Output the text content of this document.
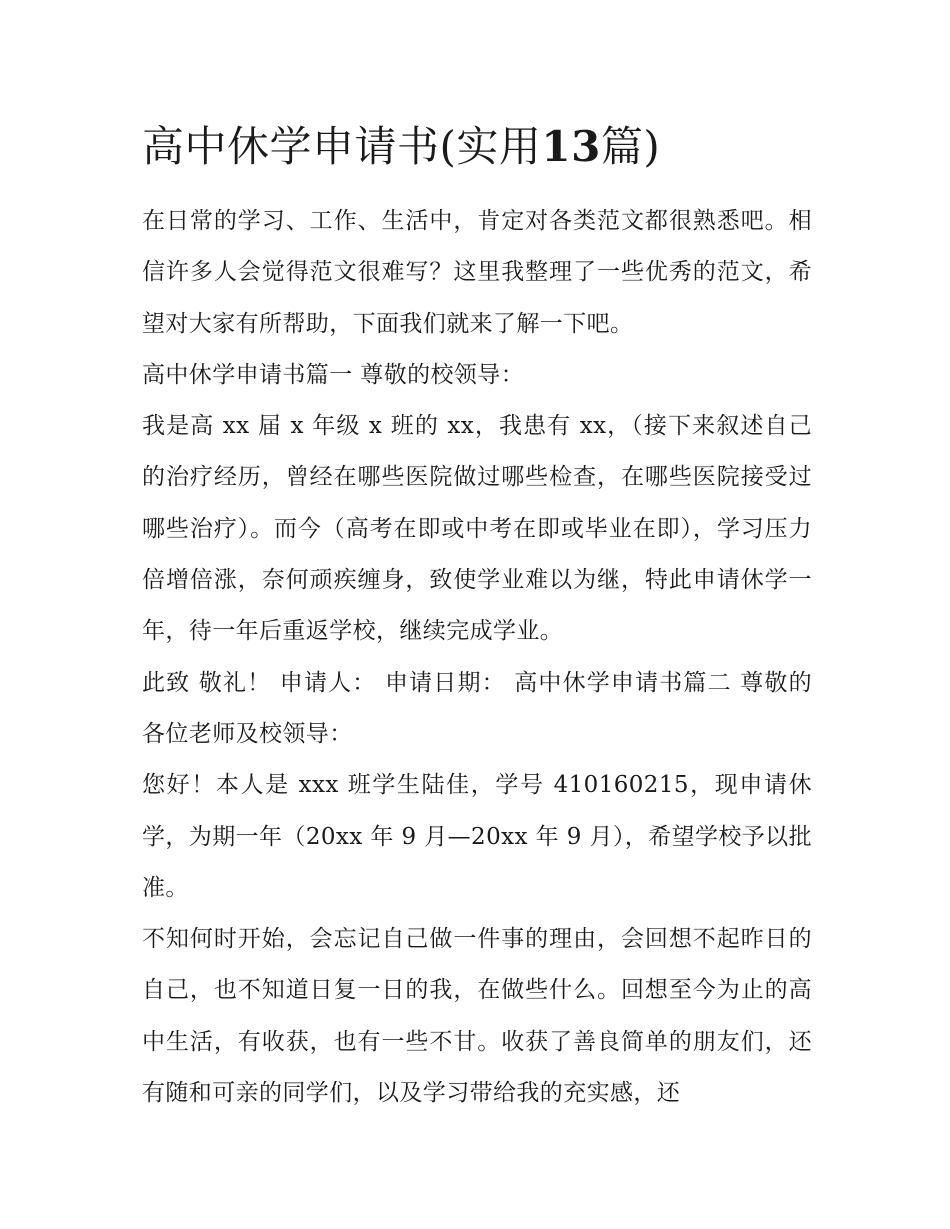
高中休学申请书(实用13篇)

在日常的学习、工作、生活中，肯定对各类范文都很熟悉吧。相信许多人会觉得范文很难写？这里我整理了一些优秀的范文，希望对大家有所帮助，下面我们就来了解一下吧。

高中休学申请书篇一 尊敬的校领导：

我是高 xx 届 x 年级 x 班的 xx，我患有 xx，（接下来叙述自己的治疗经历，曾经在哪些医院做过哪些检查，在哪些医院接受过哪些治疗）。而今（高考在即或中考在即或毕业在即），学习压力倍增倍涨，奈何顽疾缠身，致使学业难以为继，特此申请休学一年，待一年后重返学校，继续完成学业。

此致 敬礼！ 申请人： 申请日期： 高中休学申请书篇二 尊敬的各位老师及校领导：

您好！本人是 xxx 班学生陆佳，学号 410160215，现申请休学，为期一年（20xx 年 9 月—20xx 年 9 月），希望学校予以批准。

不知何时开始，会忘记自己做一件事的理由，会回想不起昨日的自己，也不知道日复一日的我，在做些什么。回想至今为止的高中生活，有收获，也有一些不甘。收获了善良简单的朋友们，还有随和可亲的同学们，以及学习带给我的充实感，还
